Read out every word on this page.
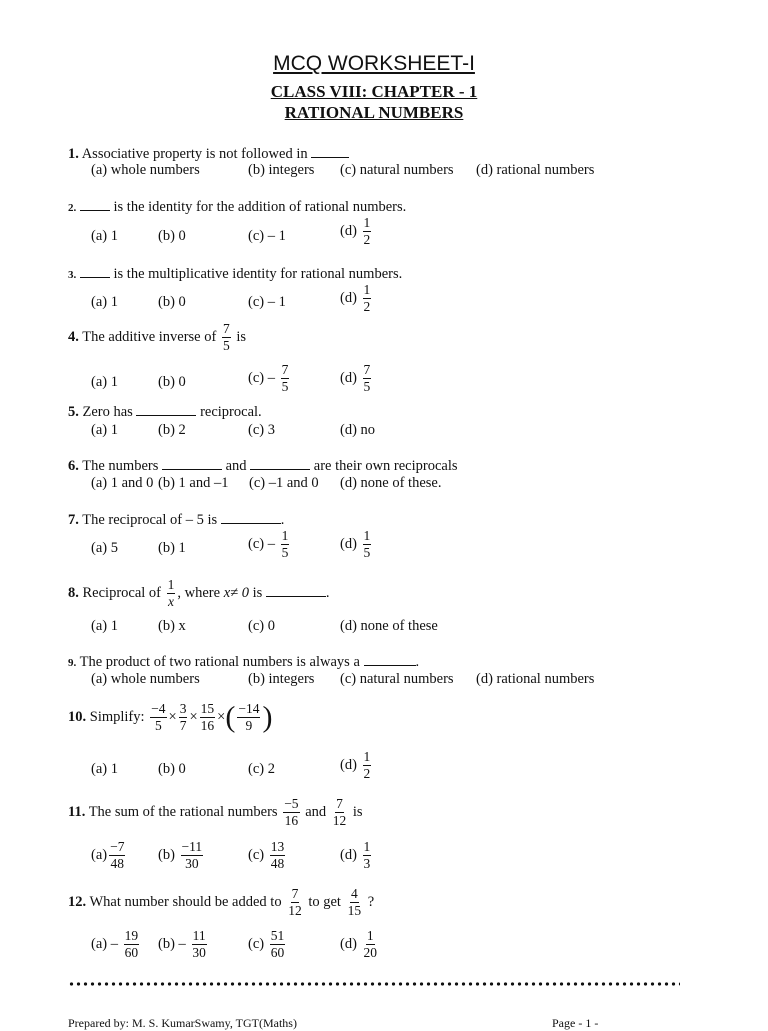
MCQ WORKSHEET-I
CLASS VIII: CHAPTER - 1
RATIONAL NUMBERS
1. Associative property is not followed in
(a) whole numbers	(b) integers (c) natural numbers (d) rational numbers
2.	is the identity for the addition of rational numbers.
(a) 1	(b) 0	(c) – 1	$(d) \frac{1}{2}$
3.	is the multiplicative identity for rational numbers.
(a) 1	(b) 0	(c) – 1	$(d) \frac{1}{2}$
4. The additive inverse of $\frac{7}{5}$ is
(a) 1	(b) 0	$(c) - \frac{7}{5}$	$(d) \frac{7}{5}$
5. Zero has	reciprocal.
(a) 1	(b) 2	(c) 3	(d) no
6. The numbers	and	are their own reciprocals
(a) 1 and 0 (b) 1 and –1 (c) –1 and 0 (d) none of these.
7. The reciprocal of – 5 is	.
(a) 5	(b) 1	$(c) - \frac{1}{5}$	$(d) \frac{1}{5}$
8. Reciprocal of $\frac{1}{x}$ , where x≠ 0 is	.
(a) 1	(b) x	(c) 0	(d) none of these
9. The product of two rational numbers is always a	.
(a) whole numbers	(b) integers (c) natural numbers (d) rational numbers
10. Simplify: $\frac{-4}{5} \times \frac{3}{7} \times \frac{15}{16}$ ×( $\frac{-14}{9}$ )
(a) 1	(b) 0	(c) 2	$(d) \frac{1}{2}$
11. The sum of the rational numbers $\frac{-5}{16}$ and $\frac{7}{12}$ is
$(a) \frac{-7}{48} (b) \frac{-11}{30}$	$(c) \frac{13}{48}$	$(d) \frac{1}{3}$
12. What number should be added to $\frac{7}{12}$ to get $\frac{4}{15}$ ?
$(a) - \frac{19}{60} (b) - \frac{11}{30}$	$(c) \frac{51}{60}$	$(d) \frac{1}{20}$
Prepared by: M. S. KumarSwamy, TGT(Maths)	Page - 1 -
